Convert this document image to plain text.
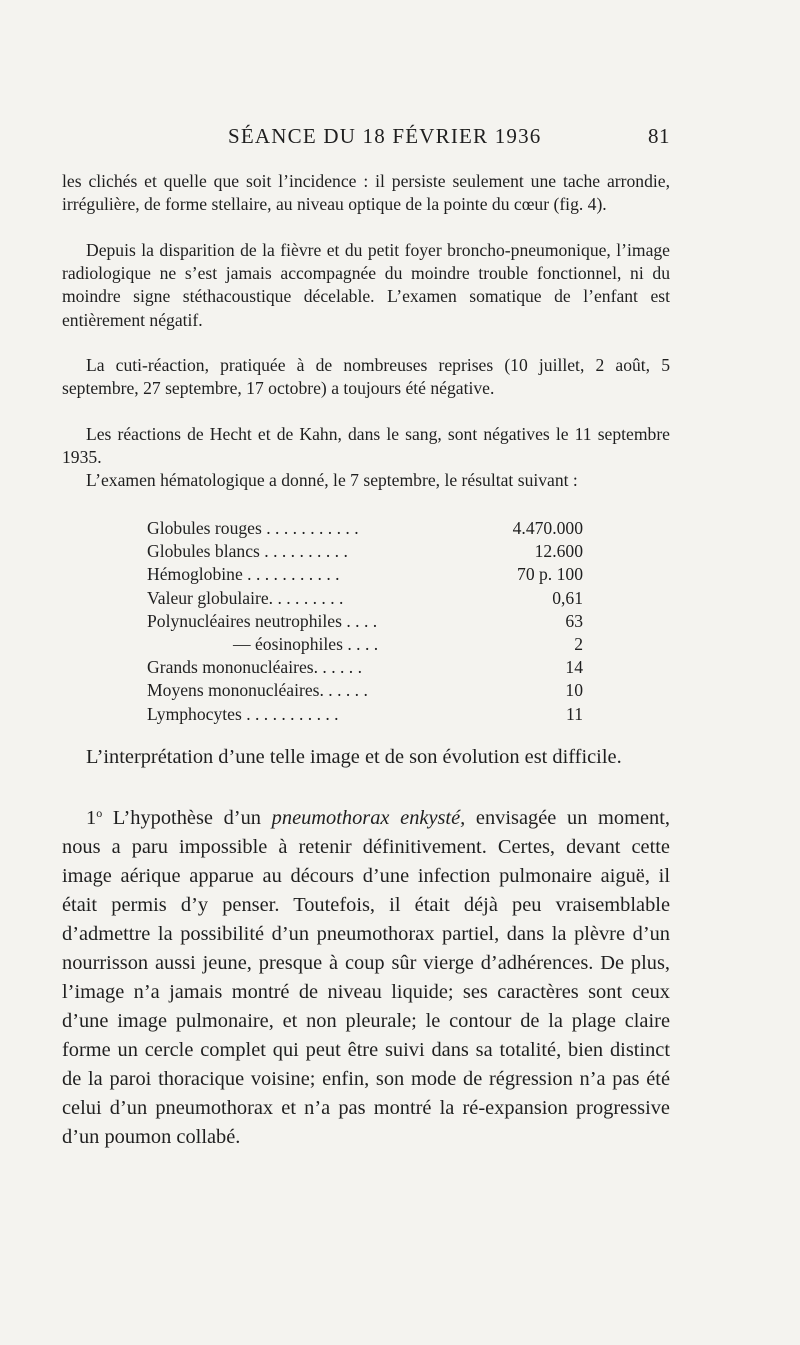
SÉANCE DU 18 FÉVRIER 1936	81

les clichés et quelle que soit l’incidence : il persiste seulement une tache arrondie, irrégulière, de forme stellaire, au niveau optique de la pointe du cœur (fig. 4).

Depuis la disparition de la fièvre et du petit foyer broncho-pneumonique, l’image radiologique ne s’est jamais accompagnée du moindre trouble fonctionnel, ni du moindre signe stéthacoustique décelable. L’examen somatique de l’enfant est entièrement négatif.

La cuti-réaction, pratiquée à de nombreuses reprises (10 juillet, 2 août, 5 septembre, 27 septembre, 17 octobre) a toujours été négative.

Les réactions de Hecht et de Kahn, dans le sang, sont négatives le 11 septembre 1935.

L’examen hématologique a donné, le 7 septembre, le résultat suivant :

Globules rouges . . . . . . . . . . .	4.470.000
Globules blancs . . . . . . . . . .	12.600
Hémoglobine . . . . . . . . . . .	70 p. 100
Valeur globulaire. . . . . . . . .	0,61
Polynucléaires neutrophiles . . . .	63
— éosinophiles . . . .	2
Grands mononucléaires. . . . . .	14
Moyens mononucléaires. . . . . .	10
Lymphocytes . . . . . . . . . . .	11

L’interprétation d’une telle image et de son évolution est difficile.

1$^o$ L’hypothèse d’un pneumothorax enkysté, envisagée un moment, nous a paru impossible à retenir définitivement. Certes, devant cette image aérique apparue au décours d’une infection pulmonaire aiguë, il était permis d’y penser. Toutefois, il était déjà peu vraisemblable d’admettre la possibilité d’un pneumothorax partiel, dans la plèvre d’un nourrisson aussi jeune, presque à coup sûr vierge d’adhérences. De plus, l’image n’a jamais montré de niveau liquide; ses caractères sont ceux d’une image pulmonaire, et non pleurale; le contour de la plage claire forme un cercle complet qui peut être suivi dans sa totalité, bien distinct de la paroi thoracique voisine; enfin, son mode de régression n’a pas été celui d’un pneumothorax et n’a pas montré la ré-expansion progressive d’un poumon collabé.
